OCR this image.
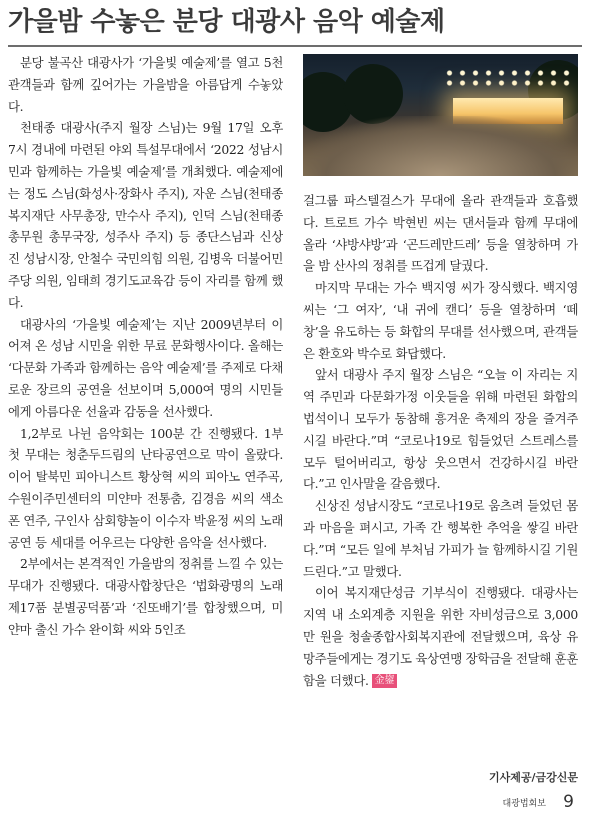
가을밤 수놓은 분당 대광사 음악 예술제

분당 불곡산 대광사가 ‘가을빛 예술제’를 열고 5천 관객들과 함께 깊어가는 가을밤을 아름답게 수놓았다.

천태종 대광사(주지 월장 스님)는 9월 17일 오후 7시 경내에 마련된 야외 특설무대에서 ‘2022 성남시민과 함께하는 가을빛 예술제’를 개최했다. 예술제에는 정도 스님(화성사·장화사 주지), 자운 스님(천태종복지재단 사무총장, 만수사 주지), 인덕 스님(천태종 총무원 총무국장, 성주사 주지) 등 종단스님과 신상진 성남시장, 안철수 국민의힘 의원, 김병욱 더불어민주당 의원, 임태희 경기도교육감 등이 자리를 함께 했다.

대광사의 ‘가을빛 예술제’는 지난 2009년부터 이어져 온 성남 시민을 위한 무료 문화행사이다. 올해는 ‘다문화 가족과 함께하는 음악 예술제’를 주제로 다채로운 장르의 공연을 선보이며 5,000여 명의 시민들에게 아름다운 선율과 감동을 선사했다.

1,2부로 나뉜 음악회는 100분 간 진행됐다. 1부 첫 무대는 청춘두드림의 난타공연으로 막이 올랐다. 이어 탈북민 피아니스트 황상혁 씨의 피아노 연주곡, 수원이주민센터의 미얀마 전통춤, 김경음 씨의 색소폰 연주, 구인사 삼회향놀이 이수자 박윤정 씨의 노래 공연 등 세대를 어우르는 다양한 음악을 선사했다.

2부에서는 본격적인 가을밤의 정취를 느낄 수 있는 무대가 진행됐다. 대광사합창단은 ‘법화광명의 노래 제17품 분별공덕품’과 ‘진또배기’를 합창했으며, 미얀마 출신 가수 완이화 씨와 5인조

걸그룹 파스텔걸스가 무대에 올라 관객들과 호흡했다. 트로트 가수 박현빈 씨는 댄서들과 함께 무대에 올라 ‘샤방샤방’과 ‘곤드레만드레’ 등을 열창하며 가을 밤 산사의 정취를 뜨겁게 달궜다.

마지막 무대는 가수 백지영 씨가 장식했다. 백지영 씨는 ‘그 여자’, ‘내 귀에 캔디’ 등을 열창하며 ‘떼창’을 유도하는 등 화합의 무대를 선사했으며, 관객들은 환호와 박수로 화답했다.

앞서 대광사 주지 월장 스님은 “오늘 이 자리는 지역 주민과 다문화가정 이웃들을 위해 마련된 화합의 법석이니 모두가 동참해 흥겨운 축제의 장을 즐겨주시길 바란다.”며 “코로나19로 힘들었던 스트레스를 모두 털어버리고, 항상 웃으면서 건강하시길 바란다.”고 인사말을 갈음했다.

신상진 성남시장도 “코로나19로 움츠려 들었던 몸과 마음을 펴시고, 가족 간 행복한 추억을 쌓길 바란다.”며 “모든 일에 부처님 가피가 늘 함께하시길 기원 드린다.”고 말했다.

이어 복지재단성금 기부식이 진행됐다. 대광사는 지역 내 소외계층 지원을 위한 자비성금으로 3,000만 원을 청솔종합사회복지관에 전달했으며, 육상 유망주들에게는 경기도 육상연맹 장학금을 전달해 훈훈함을 더했다. 金鋆

기사제공/금강신문
대광법회보 9
